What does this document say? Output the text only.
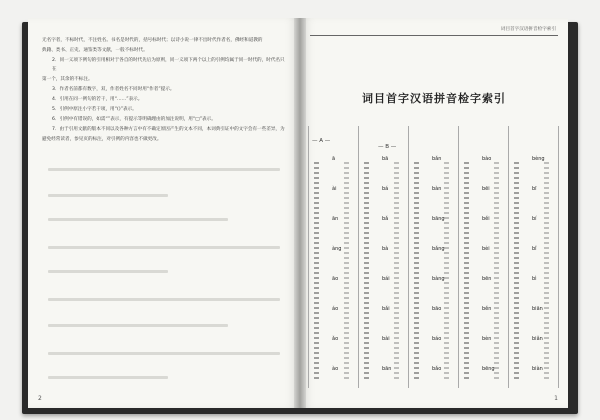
无名字者，不标时代，不注姓名。书名是时代的，括号标时代；以诗小说一律不出时代作者名，佛经和道教的

典籍、类书、正史、通鉴类等文献，一般不标时代。

2．同一义项下例句的引用相对于各自的时代先后为原则，同一义项下两个以上的引例均属于同一时代的，时代名只在

第一个，其余的不标注。

3．作者名前都有数字，双，作者姓名不同时用“作者”提示。

4．引用在同一例句的若干，用“……”表示。

5．引例中原注小字若干项，用“()”表示。

6．引例中有错误的，如需“”表示，有提示等明确理由的加注说明，用“□”表示。

7．由于引用文献的版本不同以及各种方言中有不确定原因产生的文本不同，本词典引证中的文字会有一些差异，为

避免经常读者，参见页的标注，对引例的内容也不做更改。

2
词目首字汉语拼音检字索引
词目首字汉语拼音检字索引
— A —
— B —
ā
ài
ān
àng
āo
áo
ǎo
ào
bā
bá
bǎ
bà
bái
bǎi
bài
bān
bǎn
bàn
bāng
bǎng
bàng
bāo
báo
bǎo
bào
bēi
běi
bèi
bēn
běn
bèn
bēng
bèng
bī
bí
bǐ
bì
biān
biǎn
biàn
1
